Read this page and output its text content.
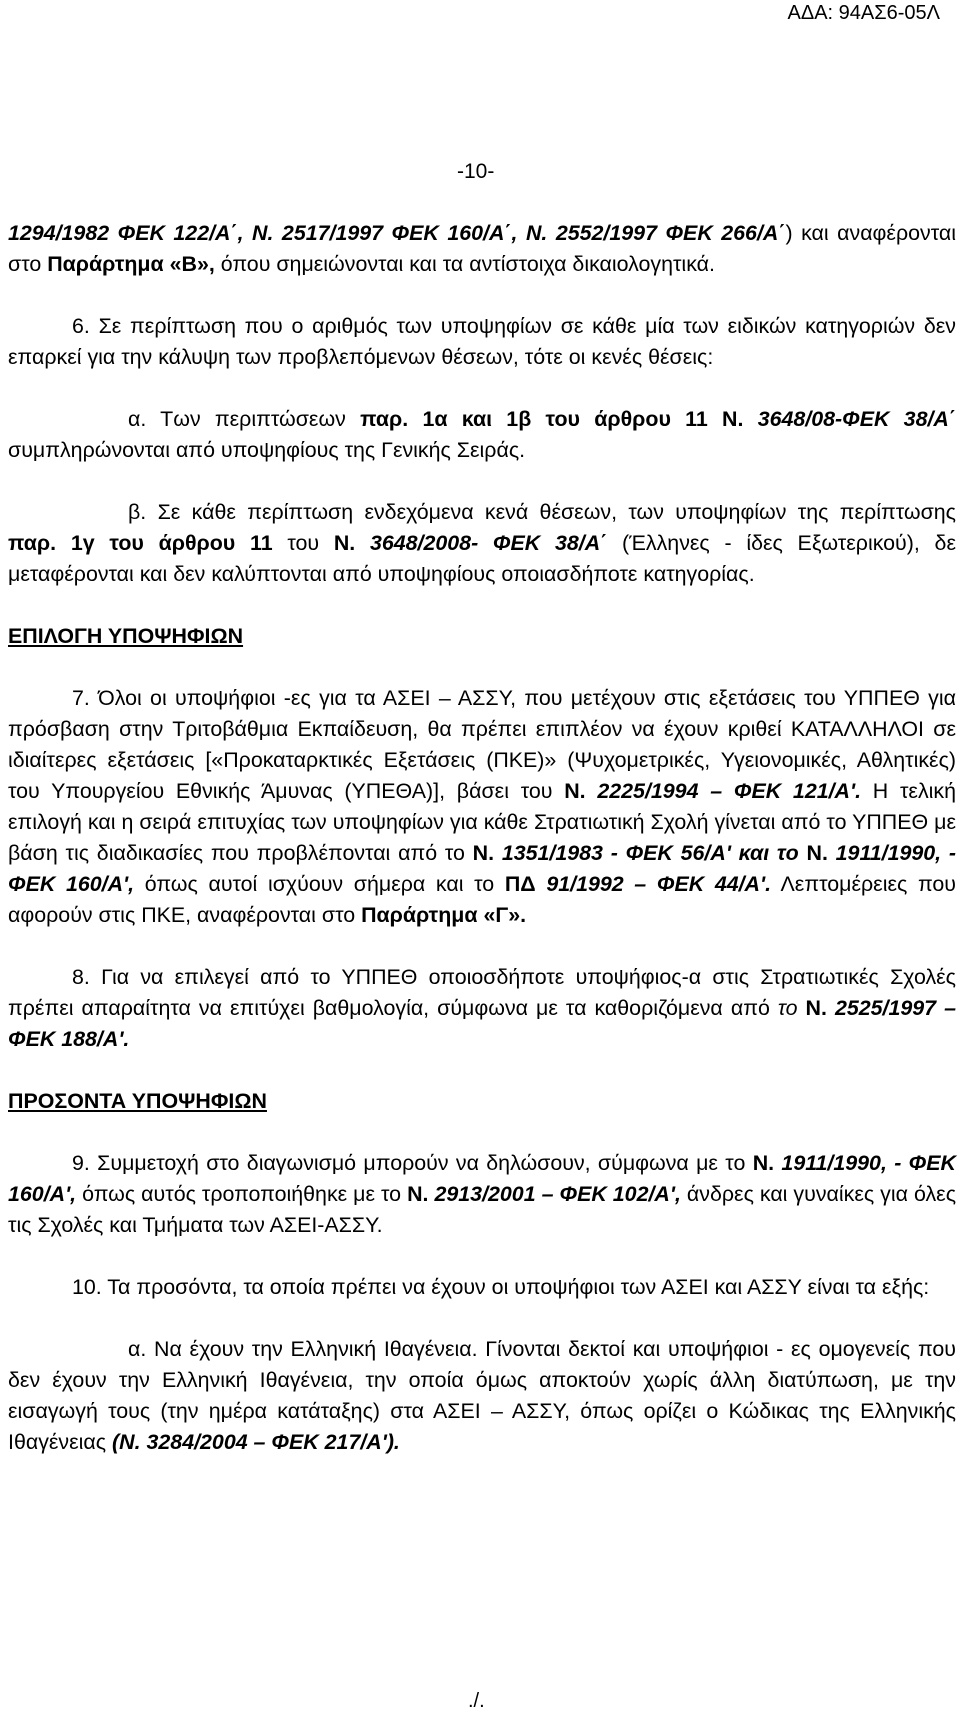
ΑΔΑ: 94ΑΣ6-05Λ
-10-

1294/1982 ΦΕΚ 122/Α΄, Ν. 2517/1997 ΦΕΚ 160/Α΄, Ν. 2552/1997 ΦΕΚ 266/Α΄) και αναφέρονται στο Παράρτημα «Β», όπου σημειώνονται και τα αντίστοιχα δικαιολογητικά.

6. Σε περίπτωση που ο αριθμός των υποψηφίων σε κάθε μία των ειδικών κατηγοριών δεν επαρκεί για την κάλυψη των προβλεπόμενων θέσεων, τότε οι κενές θέσεις:

α. Των περιπτώσεων παρ. 1α και 1β του άρθρου 11 Ν. 3648/08-ΦΕΚ 38/Α΄ συμπληρώνονται από υποψηφίους της Γενικής Σειράς.

β. Σε κάθε περίπτωση ενδεχόμενα κενά θέσεων, των υποψηφίων της περίπτωσης παρ. 1γ του άρθρου 11 του Ν. 3648/2008- ΦΕΚ 38/Α΄ (Έλληνες - ίδες Εξωτερικού), δε μεταφέρονται και δεν καλύπτονται από υποψηφίους οποιασδήποτε κατηγορίας.

ΕΠΙΛΟΓΗ ΥΠΟΨΗΦΙΩΝ

7. Όλοι οι υποψήφιοι -ες για τα ΑΣΕΙ – ΑΣΣΥ, που μετέχουν στις εξετάσεις του ΥΠΠΕΘ για πρόσβαση στην Τριτοβάθμια Εκπαίδευση, θα πρέπει επιπλέον να έχουν κριθεί ΚΑΤΑΛΛΗΛΟΙ σε ιδιαίτερες εξετάσεις [«Προκαταρκτικές Εξετάσεις (ΠΚΕ)» (Ψυχομετρικές, Υγειονομικές, Αθλητικές) του Υπουργείου Εθνικής Άμυνας (ΥΠΕΘΑ)], βάσει του Ν. 2225/1994 – ΦΕΚ 121/Α'. Η τελική επιλογή και η σειρά επιτυχίας των υποψηφίων για κάθε Στρατιωτική Σχολή γίνεται από το ΥΠΠΕΘ με βάση τις διαδικασίες που προβλέπονται από το Ν. 1351/1983 - ΦΕΚ 56/Α' και το Ν. 1911/1990, - ΦΕΚ 160/Α', όπως αυτοί ισχύουν σήμερα και το ΠΔ 91/1992 – ΦΕΚ 44/Α'. Λεπτομέρειες που αφορούν στις ΠΚΕ, αναφέρονται στο Παράρτημα «Γ».

8. Για να επιλεγεί από το ΥΠΠΕΘ οποιοσδήποτε υποψήφιος-α στις Στρατιωτικές Σχολές πρέπει απαραίτητα να επιτύχει βαθμολογία, σύμφωνα με τα καθοριζόμενα από το Ν. 2525/1997 – ΦΕΚ 188/Α'.

ΠΡΟΣΟΝΤΑ ΥΠΟΨΗΦΙΩΝ

9. Συμμετοχή στο διαγωνισμό μπορούν να δηλώσουν, σύμφωνα με το Ν. 1911/1990, - ΦΕΚ 160/Α', όπως αυτός τροποποιήθηκε με το Ν. 2913/2001 – ΦΕΚ 102/Α', άνδρες και γυναίκες για όλες τις Σχολές και Τμήματα των ΑΣΕΙ-ΑΣΣΥ.

10. Τα προσόντα, τα οποία πρέπει να έχουν οι υποψήφιοι των ΑΣΕΙ και ΑΣΣΥ είναι τα εξής:

α. Να έχουν την Ελληνική Ιθαγένεια. Γίνονται δεκτοί και υποψήφιοι - ες ομογενείς που δεν έχουν την Ελληνική Ιθαγένεια, την οποία όμως αποκτούν χωρίς άλλη διατύπωση, με την εισαγωγή τους (την ημέρα κατάταξης) στα ΑΣΕΙ – ΑΣΣΥ, όπως ορίζει ο Κώδικας της Ελληνικής Ιθαγένειας (Ν. 3284/2004 – ΦΕΚ 217/Α').

./.
